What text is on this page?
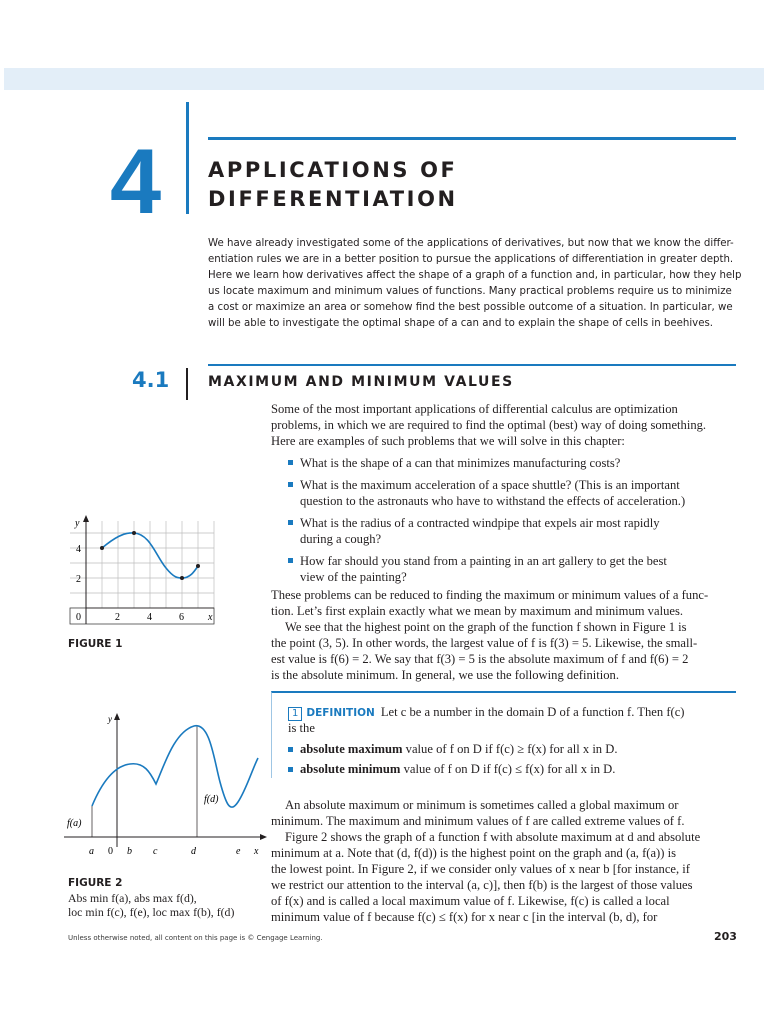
4 APPLICATIONS OF
DIFFERENTIATION
We have already investigated some of the applications of derivatives, but now that we know the differ-
entiation rules we are in a better position to pursue the applications of differentiation in greater depth.
Here we learn how derivatives affect the shape of a graph of a function and, in particular, how they help
us locate maximum and minimum values of functions. Many practical problems require us to minimize
a cost or maximize an area or somehow find the best possible outcome of a situation. In particular, we
will be able to investigate the optimal shape of a can and to explain the shape of cells in beehives.
4.1	MAXIMUM AND MINIMUM VALUES
Some of the most important applications of differential calculus are optimization
problems, in which we are required to find the optimal (best) way of doing something.
Here are examples of such problems that we will solve in this chapter:
What is the shape of a can that minimizes manufacturing costs?
What is the maximum acceleration of a space shuttle? (This is an important
question to the astronauts who have to withstand the effects of acceleration.)
What is the radius of a contracted windpipe that expels air most rapidly
during a cough?
How far should you stand from a painting in an art gallery to get the best
view of the painting?
These problems can be reduced to finding the maximum or minimum values of a func-
tion. Let’s first explain exactly what we mean by maximum and minimum values.
We see that the highest point on the graph of the function f shown in Figure 1 is
the point (3, 5). In other words, the largest value of f is f(3) = 5. Likewise, the small-
est value is f(6) = 2. We say that f(3) = 5 is the absolute maximum of f and f(6) = 2
is the absolute minimum. In general, we use the following definition.
1 DEFINITION Let c be a number in the domain D of a function f. Then f(c)
is the
absolute maximum value of f on D if f(c) ≥ f(x) for all x in D.
absolute minimum value of f on D if f(c) ≤ f(x) for all x in D.
An absolute maximum or minimum is sometimes called a global maximum or
minimum. The maximum and minimum values of f are called extreme values of f.
Figure 2 shows the graph of a function f with absolute maximum at d and absolute
minimum at a. Note that (d, f(d)) is the highest point on the graph and (a, f(a)) is
the lowest point. In Figure 2, if we consider only values of x near b [for instance, if
we restrict our attention to the interval (a, c)], then f(b) is the largest of those values
of f(x) and is called a local maximum value of f. Likewise, f(c) is called a local
minimum value of f because f(c) ≤ f(x) for x near c [in the interval (b, d), for
y
4
2
0	2	4	6 x
FIGURE 1
y
f(a)
f(d)
a 0 b c	d	e x
FIGURE 2
Abs min f(a), abs max f(d),
loc min f(c), f(e), loc max f(b), f(d)
Unless otherwise noted, all content on this page is © Cengage Learning.	203
